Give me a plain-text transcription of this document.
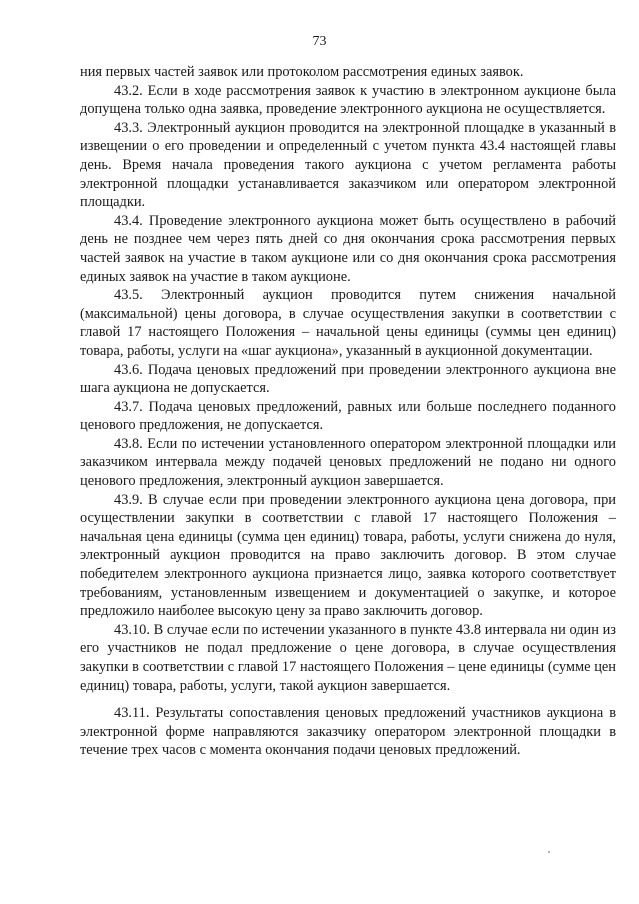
73

ния первых частей заявок или протоколом рассмотрения единых заявок.

43.2. Если в ходе рассмотрения заявок к участию в электронном аукционе была допущена только одна заявка, проведение электронного аукциона не осуществляется.

43.3. Электронный аукцион проводится на электронной площадке в указанный в извещении о его проведении и определенный с учетом пункта 43.4 настоящей главы день. Время начала проведения такого аукциона с учетом регламента работы электронной площадки устанавливается заказчиком или оператором электронной площадки.

43.4. Проведение электронного аукциона может быть осуществлено в рабочий день не позднее чем через пять дней со дня окончания срока рассмотрения первых частей заявок на участие в таком аукционе или со дня окончания срока рассмотрения единых заявок на участие в таком аукционе.

43.5. Электронный аукцион проводится путем снижения начальной (максимальной) цены договора, в случае осуществления закупки в соответствии с главой 17 настоящего Положения – начальной цены единицы (суммы цен единиц) товара, работы, услуги на «шаг аукциона», указанный в аукционной документации.

43.6. Подача ценовых предложений при проведении электронного аукциона вне шага аукциона не допускается.

43.7. Подача ценовых предложений, равных или больше последнего поданного ценового предложения, не допускается.

43.8. Если по истечении установленного оператором электронной площадки или заказчиком интервала между подачей ценовых предложений не подано ни одного ценового предложения, электронный аукцион завершается.

43.9. В случае если при проведении электронного аукциона цена договора, при осуществлении закупки в соответствии с главой 17 настоящего Положения – начальная цена единицы (сумма цен единиц) товара, работы, услуги снижена до нуля, электронный аукцион проводится на право заключить договор. В этом случае победителем электронного аукциона признается лицо, заявка которого соответствует требованиям, установленным извещением и документацией о закупке, и которое предложило наиболее высокую цену за право заключить договор.

43.10. В случае если по истечении указанного в пункте 43.8 интервала ни один из его участников не подал предложение о цене договора, в случае осуществления закупки в соответствии с главой 17 настоящего Положения – цене единицы (сумме цен единиц) товара, работы, услуги, такой аукцион завершается.

43.11. Результаты сопоставления ценовых предложений участников аукциона в электронной форме направляются заказчику оператором электронной площадки в течение трех часов с момента окончания подачи ценовых предложений.
